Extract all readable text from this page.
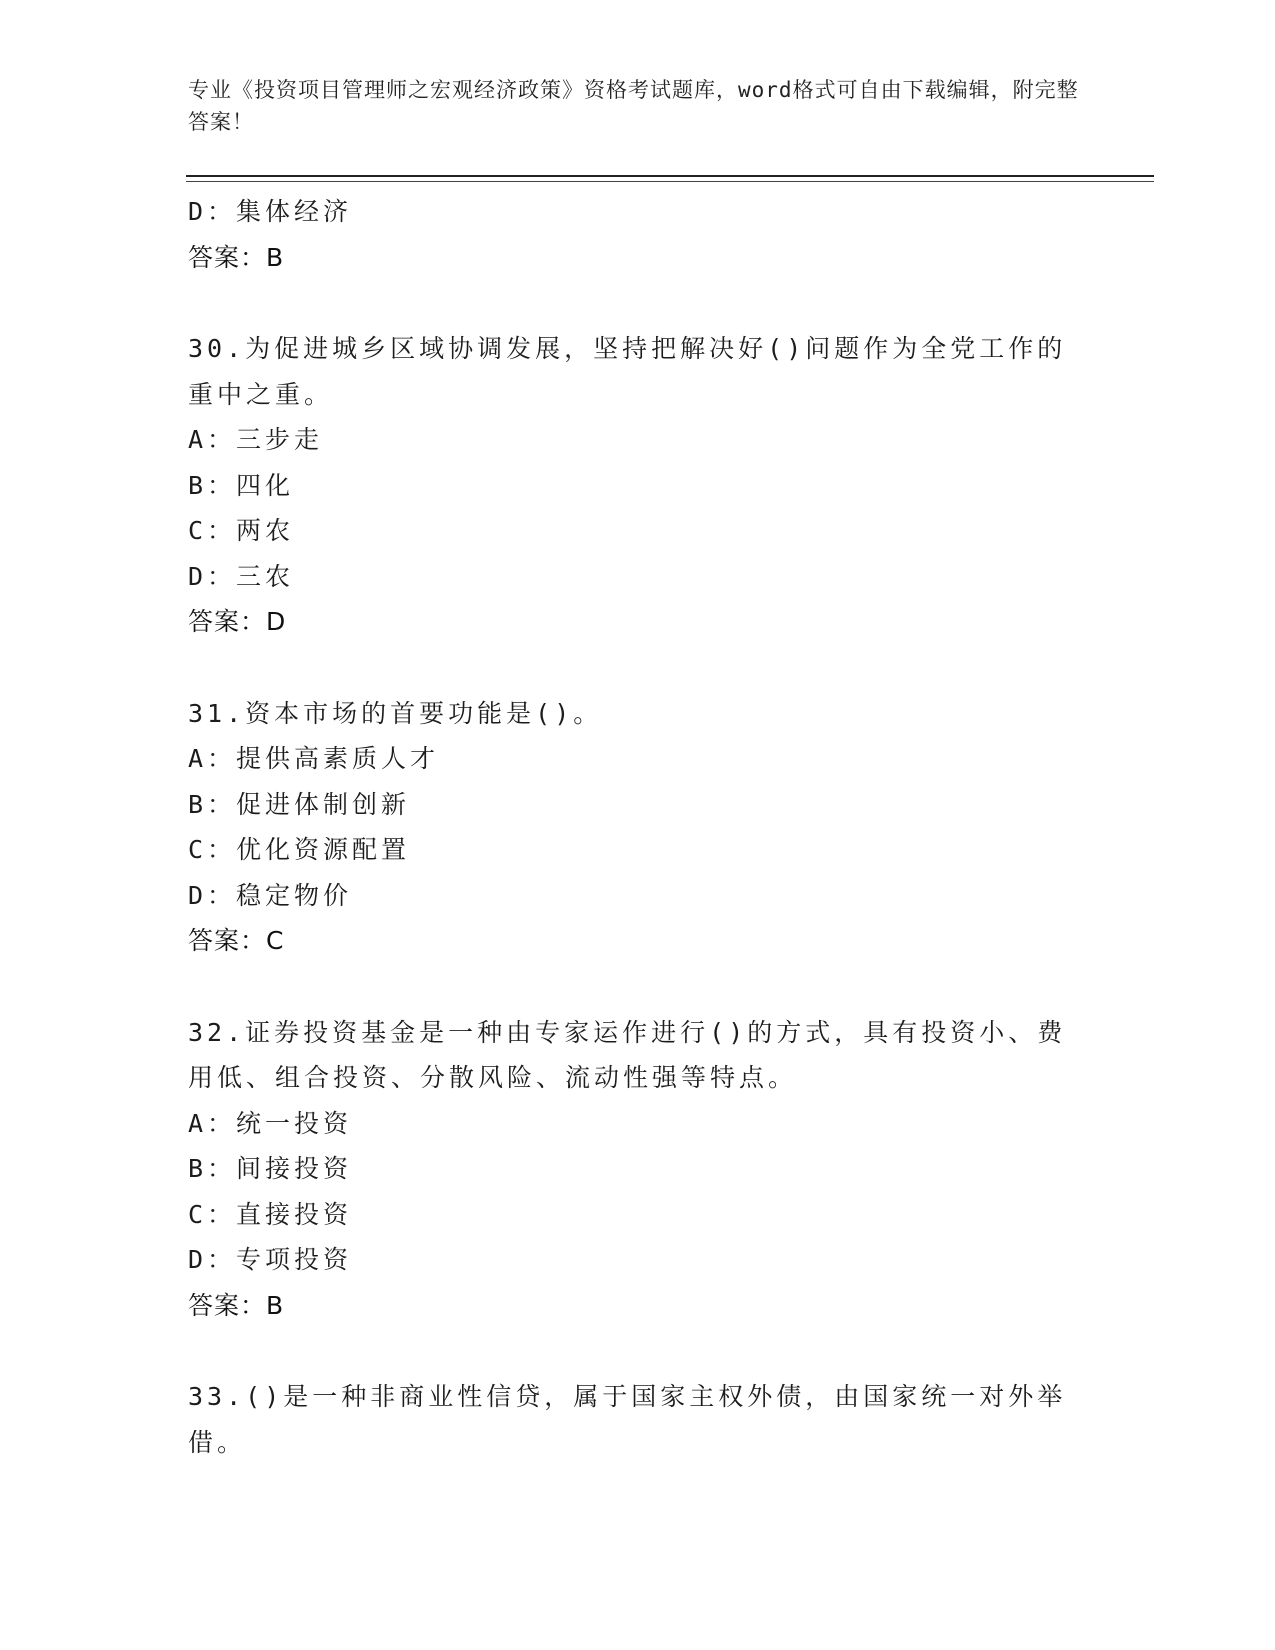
专业《投资项目管理师之宏观经济政策》资格考试题库，word格式可自由下载编辑，附完整答案！
D：集体经济
答案：B
30.为促进城乡区域协调发展，坚持把解决好()问题作为全党工作的重中之重。
A：三步走
B：四化
C：两农
D：三农
答案：D
31.资本市场的首要功能是()。
A：提供高素质人才
B：促进体制创新
C：优化资源配置
D：稳定物价
答案：C
32.证券投资基金是一种由专家运作进行()的方式，具有投资小、费用低、组合投资、分散风险、流动性强等特点。
A：统一投资
B：间接投资
C：直接投资
D：专项投资
答案：B
33.()是一种非商业性信贷，属于国家主权外债，由国家统一对外举借。
